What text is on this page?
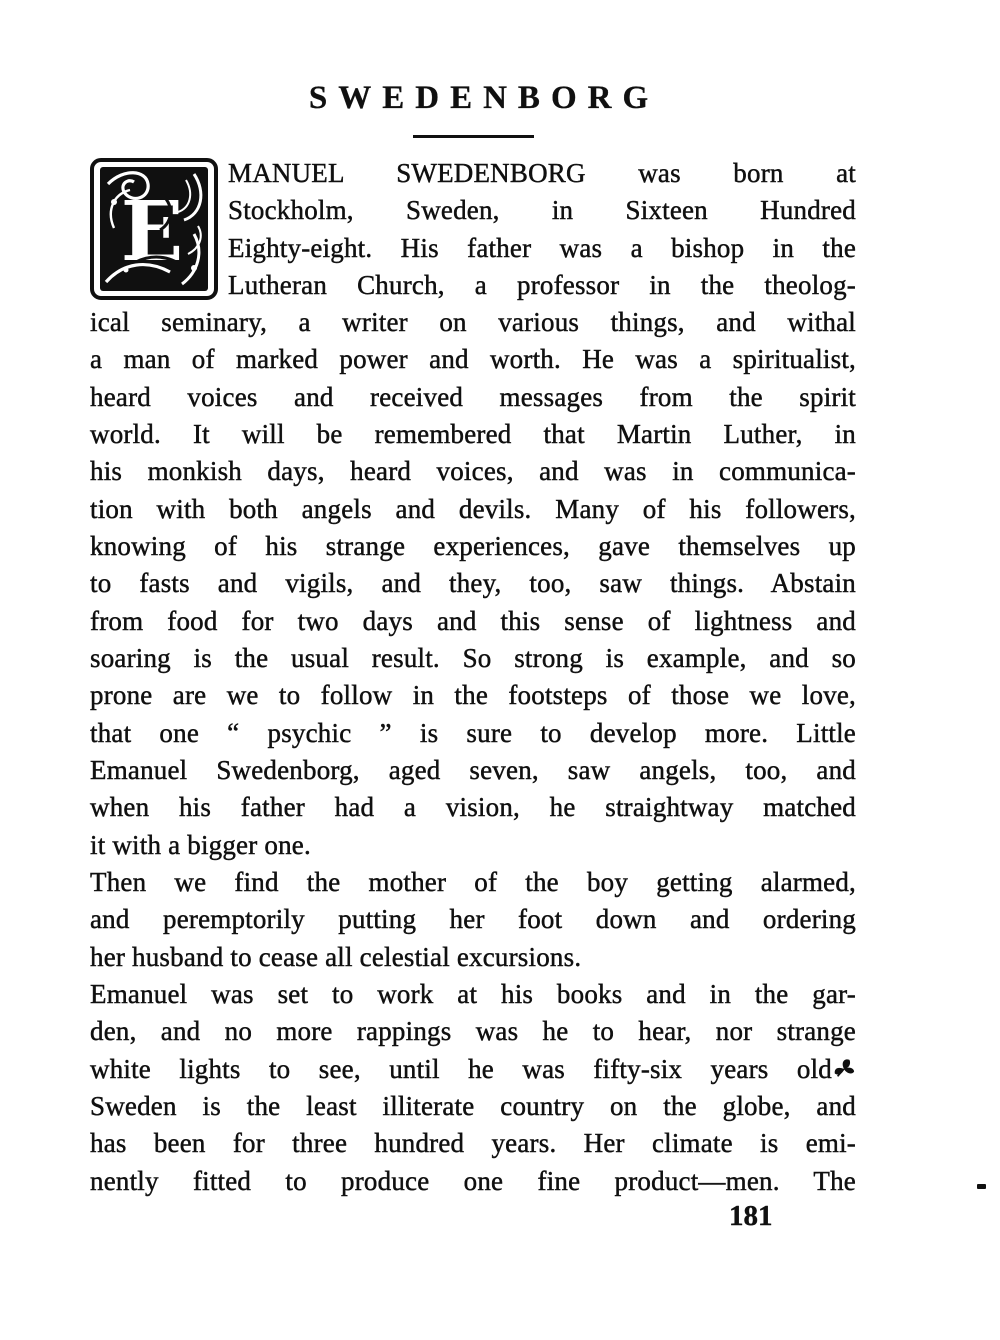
SWEDENBORG
E
MANUEL SWEDENBORG was born at
Stockholm, Sweden, in Sixteen Hundred
Eighty-eight. His father was a bishop in the
Lutheran Church, a professor in the theolog-
ical seminary, a writer on various things, and withal
a man of marked power and worth. He was a spiritualist,
heard voices and received messages from the spirit
world. It will be remembered that Martin Luther, in
his monkish days, heard voices, and was in communica-
tion with both angels and devils. Many of his followers,
knowing of his strange experiences, gave themselves up
to fasts and vigils, and they, too, saw things. Abstain
from food for two days and this sense of lightness and
soaring is the usual result. So strong is example, and so
prone are we to follow in the footsteps of those we love,
that one “ psychic ” is sure to develop more. Little
Emanuel Swedenborg, aged seven, saw angels, too, and
when his father had a vision, he straightway matched
it with a bigger one.
Then we find the mother of the boy getting alarmed,
and peremptorily putting her foot down and ordering
her husband to cease all celestial excursions.
Emanuel was set to work at his books and in the gar-
den, and no more rappings was he to hear, nor strange
white lights to see, until he was fifty-six years old
Sweden is the least illiterate country on the globe, and
has been for three hundred years. Her climate is emi-
nently fitted to produce one fine product—men. The
181
